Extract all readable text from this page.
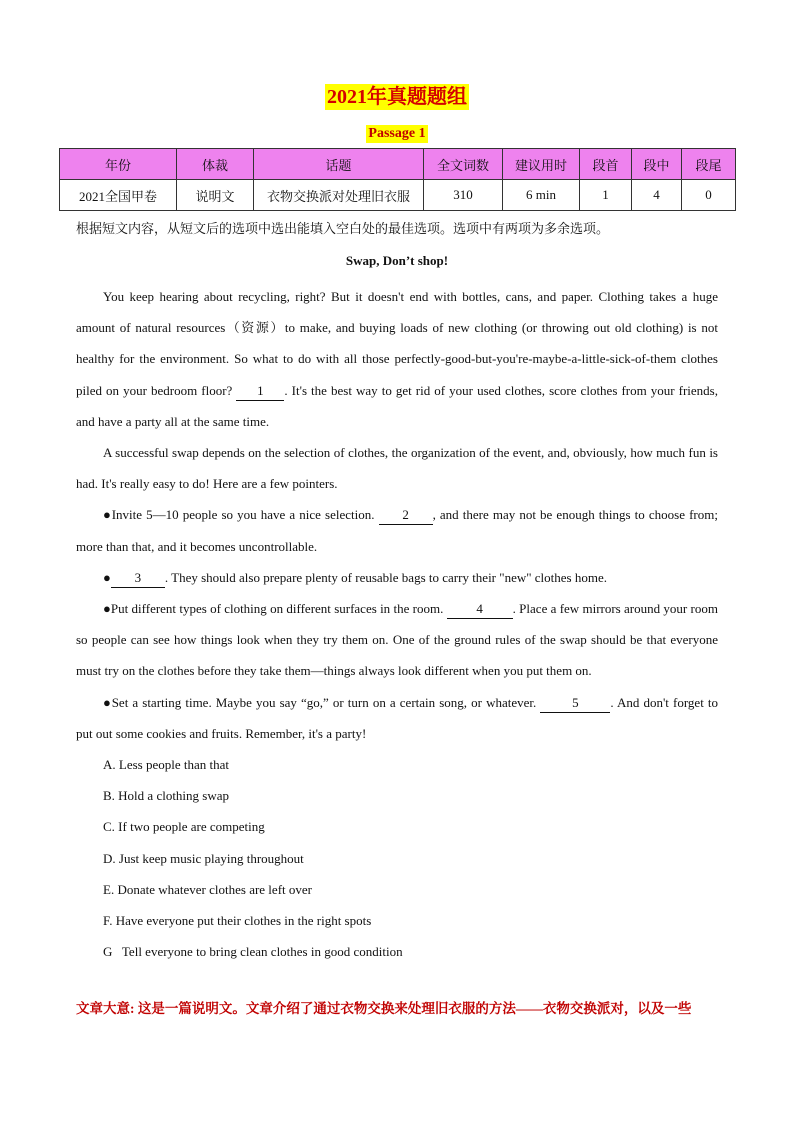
2021年真题题组
Passage 1
年份	体裁	话题	全文词数	建议用时	段首	段中	段尾
2021全国甲卷	说明文	衣物交换派对处理旧衣服	310	6 min	1	4	0
根据短文内容，从短文后的选项中选出能填入空白处的最佳选项。选项中有两项为多余选项。
Swap, Don’t shop!

You keep hearing about recycling, right? But it doesn't end with bottles, cans, and paper. Clothing takes a huge amount of natural resources（资源）to make, and buying loads of new clothing (or throwing out old clothing) is not healthy for the environment. So what to do with all those perfectly-good-but-you're-maybe-a-little-sick-of-them clothes piled on your bedroom floor? 1 . It's the best way to get rid of your used clothes, score clothes from your friends, and have a party all at the same time.

A successful swap depends on the selection of clothes, the organization of the event, and, obviously, how much fun is had. It's really easy to do! Here are a few pointers.

●Invite 5—10 people so you have a nice selection. 2 , and there may not be enough things to choose from; more than that, and it becomes uncontrollable.

● 3 . They should also prepare plenty of reusable bags to carry their "new" clothes home.

●Put different types of clothing on different surfaces in the room. 4 . Place a few mirrors around your room so people can see how things look when they try them on. One of the ground rules of the swap should be that everyone must try on the clothes before they take them—things always look different when you put them on.

●Set a starting time. Maybe you say “go,” or turn on a certain song, or whatever. 5 . And don't forget to put out some cookies and fruits. Remember, it's a party!

A. Less people than that

B. Hold a clothing swap

C. If two people are competing

D. Just keep music playing throughout

E. Donate whatever clothes are left over

F. Have everyone put their clothes in the right spots

G   Tell everyone to bring clean clothes in good condition

文章大意: 这是一篇说明文。文章介绍了通过衣物交换来处理旧衣服的方法——衣物交换派对，以及一些
